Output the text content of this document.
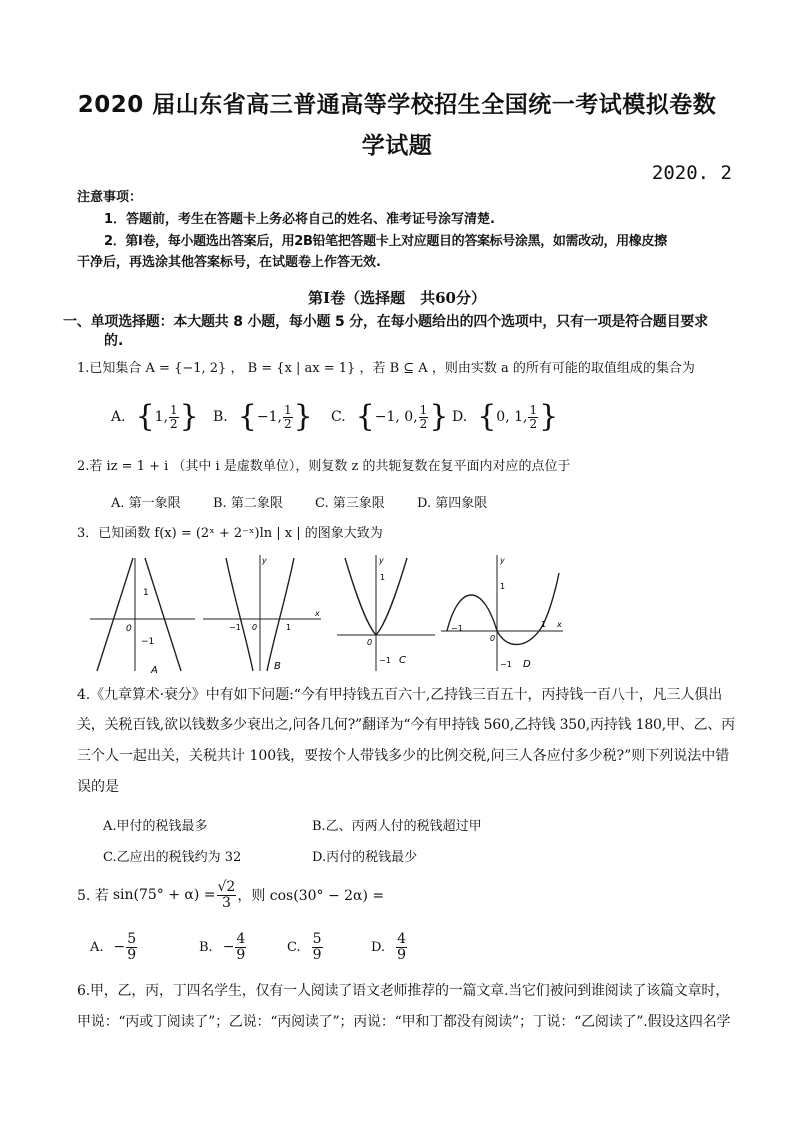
2020 届山东省高三普通高等学校招生全国统一考试模拟卷数
学试题
2020. 2
注意事项：
1．答题前，考生在答题卡上务必将自己的姓名、准考证号涂写清楚.
2．第Ⅰ卷，每小题选出答案后，用2B铅笔把答题卡上对应题目的答案标号涂黑，如需改动，用橡皮擦
干净后，再选涂其他答案标号，在试题卷上作答无效.
第Ⅰ卷（选择题　共60分）
一、单项选择题：本大题共 8 小题，每小题 5 分，在每小题给出的四个选项中，只有一项是符合题目要求
的.
1.已知集合 A = {−1, 2} ， B = {x | ax = 1} ，若 B ⊆ A ，则由实数 a 的所有可能的取值组成的集合为
A. { 1, $\frac{1}{2}$ } B. { −1, $\frac{1}{2}$ } C. { −1, 0, $\frac{1}{2}$ } D. { 0, 1, $\frac{1}{2}$ }
2.若 iz = 1 + i （其中 i 是虚数单位），则复数 z 的共轭复数在复平面内对应的点位于
A. 第一象限 B. 第二象限 C. 第三象限 D. 第四象限
3．已知函数 f(x) = (2ˣ + 2⁻ˣ)ln | x | 的图象大致为
1
−1
0
A
y
x
−1	1
0
B
y
1
0
−1 C
y
x
1
−1
0
1
−1 D
4.《九章算术·衰分》中有如下问题:“今有甲持钱五百六十,乙持钱三百五十，丙持钱一百八十，凡三人俱出
关，关税百钱,欲以钱数多少衰出之,问各几何?”翻译为“今有甲持钱 560,乙持钱 350,丙持钱 180,甲、乙、丙
三个人一起出关，关税共计 100钱，要按个人带钱多少的比例交税,问三人各应付多少税?”则下列说法中错
误的是
A.甲付的税钱最多	B.乙、丙两人付的税钱超过甲
C.乙应出的税钱约为 32	D.丙付的税钱最少
5. 若 $\sin(75^\circ + \alpha) = \frac{√2}{3}$ ，则 cos(30° − 2α) =
A. − $\frac{5}{9}$	B. − $\frac{4}{9}$	C. $\frac{5}{9}$	D. $\frac{4}{9}$
6.甲，乙，丙，丁四名学生，仅有一人阅读了语文老师推荐的一篇文章.当它们被问到谁阅读了该篇文章时，
甲说：“丙或丁阅读了”；乙说：“丙阅读了”；丙说：“甲和丁都没有阅读”；丁说：“乙阅读了”.假设这四名学
